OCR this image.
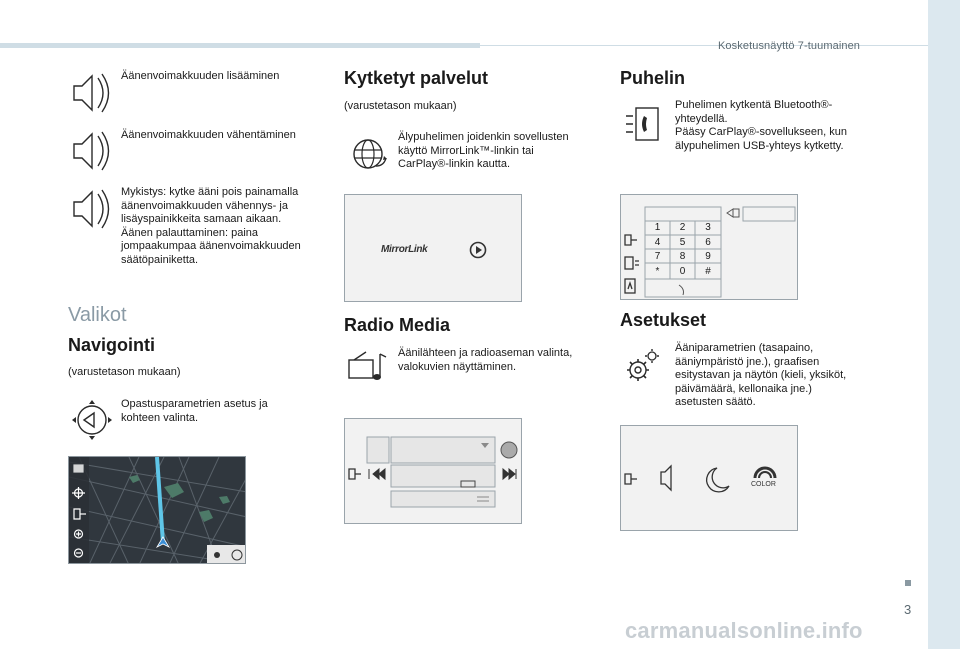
Kosketusnäyttö 7-tuumainen
3
Äänenvoimakkuuden lisääminen
Äänenvoimakkuuden vähentäminen
Mykistys: kytke ääni pois painamalla
äänenvoimakkuuden vähennys- ja
lisäyspainikkeita samaan aikaan.
Äänen palauttaminen: paina
jompaakumpaa äänenvoimakkuuden
säätöpainiketta.
Valikot
Navigointi
(varustetason mukaan)
Opastusparametrien asetus ja
kohteen valinta.
Kytketyt palvelut
(varustetason mukaan)
Älypuhelimen joidenkin sovellusten
käyttö MirrorLink™-linkin tai
CarPlay®-linkin kautta.
MirrorLink
Radio Media
Äänilähteen ja radioaseman valinta,
valokuvien näyttäminen.
Puhelin
Puhelimen kytkentä Bluetooth®-
yhteydellä.
Pääsy CarPlay®-sovellukseen, kun
älypuhelimen USB-yhteys kytketty.
1	2	3
4	5	6
7	8	9
*	0	#
Asetukset
Ääniparametrien (tasapaino,
ääniympäristö jne.), graafisen
esitystavan ja näytön (kieli, yksiköt,
päivämäärä, kellonaika jne.)
asetusten säätö.
COLOR
carmanualsonline.info
